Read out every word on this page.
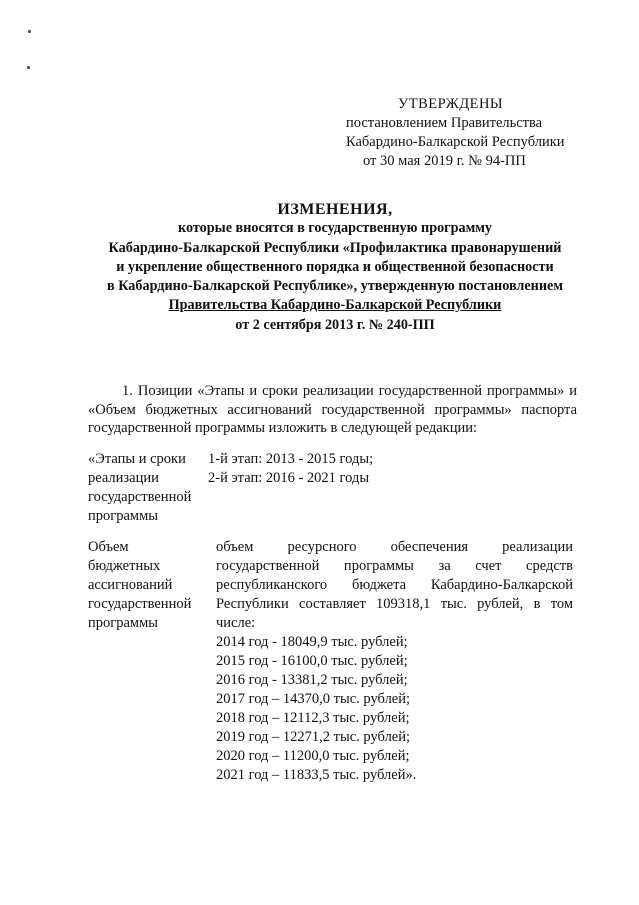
УТВЕРЖДЕНЫ
постановлением Правительства
Кабардино-Балкарской Республики
от 30 мая 2019 г. № 94-ПП
ИЗМЕНЕНИЯ,
которые вносятся в государственную программу
Кабардино-Балкарской Республики «Профилактика правонарушений
и укрепление общественного порядка и общественной безопасности
в Кабардино-Балкарской Республике», утвержденную постановлением
Правительства Кабардино-Балкарской Республики
от 2 сентября 2013 г. № 240-ПП
1. Позиции «Этапы и сроки реализации государственной программы» и «Объем бюджетных ассигнований государственной программы» паспорта государственной программы изложить в следующей редакции:
«Этапы и сроки
реализации
государственной
программы
1-й этап: 2013 - 2015 годы;
2-й этап: 2016 - 2021 годы
Объем
бюджетных
ассигнований
государственной
программы
объем ресурсного обеспечения реализации государственной программы за счет средств республиканского бюджета Кабардино-Балкарской Республики составляет 109318,1 тыс. рублей, в том числе:
2014 год - 18049,9 тыс. рублей;
2015 год - 16100,0 тыс. рублей;
2016 год - 13381,2 тыс. рублей;
2017 год – 14370,0 тыс. рублей;
2018 год – 12112,3 тыс. рублей;
2019 год – 12271,2 тыс. рублей;
2020 год – 11200,0 тыс. рублей;
2021 год – 11833,5 тыс. рублей».
